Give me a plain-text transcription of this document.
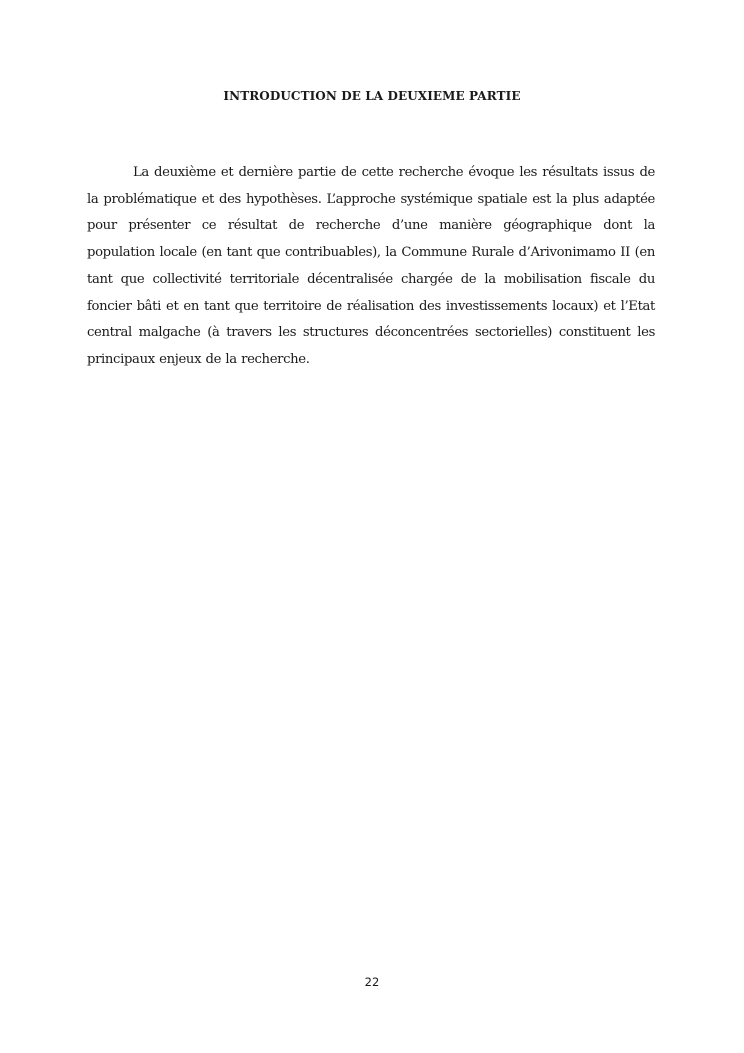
INTRODUCTION DE LA DEUXIEME PARTIE

La deuxième et dernière partie de cette recherche évoque les résultats issus de la problématique et des hypothèses. L’approche systémique spatiale est la plus adaptée pour présenter ce résultat de recherche d’une manière géographique dont la population locale (en tant que contribuables), la Commune Rurale d’Arivonimamo II (en tant que collectivité territoriale décentralisée chargée de la mobilisation fiscale du foncier bâti et en tant que territoire de réalisation des investissements locaux) et l’Etat central malgache (à travers les structures déconcentrées sectorielles) constituent les principaux enjeux de la recherche.

22
